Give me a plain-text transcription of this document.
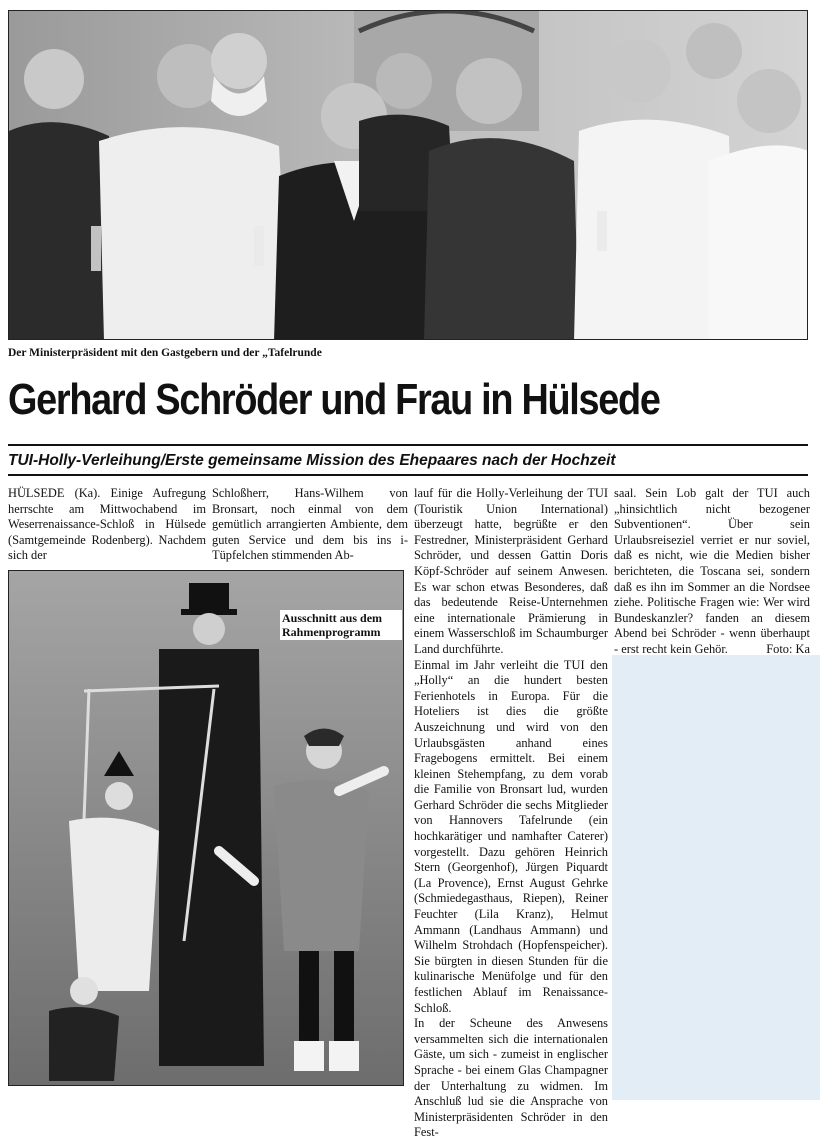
Der Ministerpräsident mit den Gastgebern und der „Tafelrunde
Gerhard Schröder und Frau in Hülsede
TUI-Holly-Verleihung/Erste gemeinsame Mission des Ehepaares nach der Hochzeit

HÜLSEDE (Ka). Einige Aufregung herrschte am Mittwochabend im Weserrenaissance-Schloß in Hülsede (Samtgemeinde Rodenberg). Nachdem sich der

Schloßherr, Hans-Wilhem von Bronsart, noch einmal von dem gemütlich arrangierten Ambiente, dem guten Service und dem bis ins i-Tüpfelchen stimmenden Ab-

lauf für die Holly-Verleihung der TUI (Touristik Union International) überzeugt hatte, begrüßte er den Festredner, Ministerpräsident Gerhard Schröder, und dessen Gattin Doris Köpf-Schröder auf seinem Anwesen. Es war schon etwas Besonderes, daß das bedeutende Reise-Unternehmen eine internationale Prämierung in einem Wasserschloß im Schaumburger Land durchführte.

Einmal im Jahr verleiht die TUI den „Holly“ an die hundert besten Ferienhotels in Europa. Für die Hoteliers ist dies die größte Auszeichnung und wird von den Urlaubsgästen anhand eines Fragebogens ermittelt. Bei einem kleinen Stehempfang, zu dem vorab die Familie von Bronsart lud, wurden Gerhard Schröder die sechs Mitglieder von Hannovers Tafelrunde (ein hochkarätiger und namhafter Caterer) vorgestellt. Dazu gehören Heinrich Stern (Georgenhof), Jürgen Piquardt (La Provence), Ernst August Gehrke (Schmiedegasthaus, Riepen), Reiner Feuchter (Lila Kranz), Helmut Ammann (Landhaus Ammann) und Wilhelm Strohdach (Hopfenspeicher). Sie bürgten in diesen Stunden für die kulinarische Menüfolge und für den festlichen Ablauf im Renaissance-Schloß.

In der Scheune des Anwesens versammelten sich die internationalen Gäste, um sich - zumeist in englischer Sprache - bei einem Glas Champagner der Unterhaltung zu widmen. Im Anschluß lud sie die Ansprache von Ministerpräsidenten Schröder in den Fest-

saal. Sein Lob galt der TUI auch „hinsichtlich nicht bezogener Subventionen“. Über sein Urlaubsreiseziel verriet er nur soviel, daß es nicht, wie die Medien bisher berichteten, die Toscana sei, sondern daß es ihn im Sommer an die Nordsee ziehe. Politische Fragen wie: Wer wird Bundeskanzler? fanden an diesem Abend bei Schröder - wenn überhaupt - erst recht kein Gehör.	Foto: Ka

Ausschnitt aus dem Rahmenprogramm
